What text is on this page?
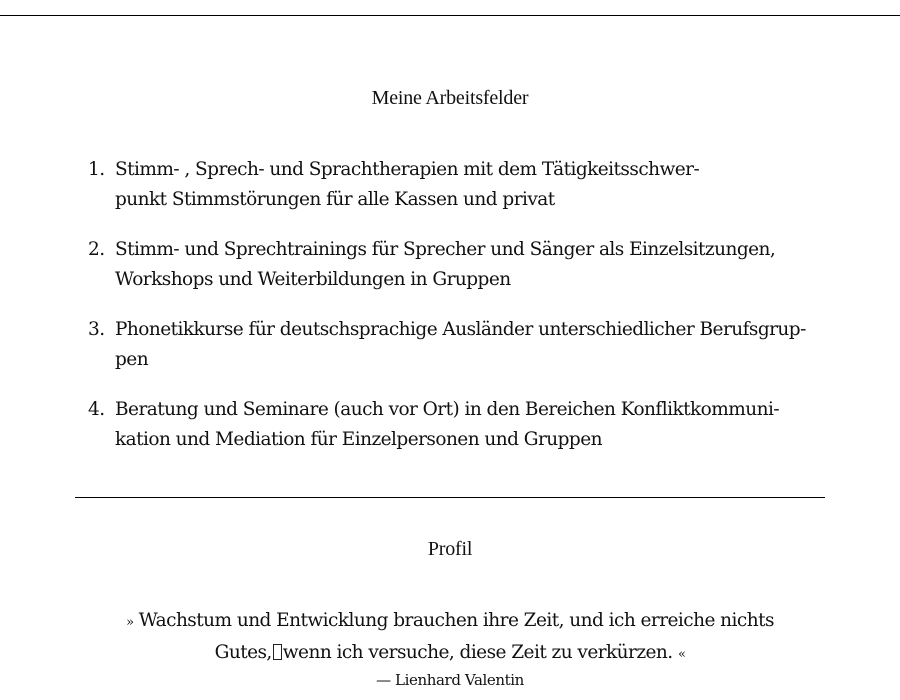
Meine Arbeitsfelder
1. Stimm- , Sprech- und Sprachtherapien mit dem Tätigkeitsschwer-
punkt Stimmstörungen für alle Kassen und privat
2. Stimm- und Sprechtrainings für Sprecher und Sänger als Einzelsitzungen,
Workshops und Weiterbildungen in Gruppen
3. Phonetikkurse für deutschsprachige Ausländer unterschiedlicher Berufsgrup-
pen
4. Beratung und Seminare (auch vor Ort) in den Bereichen Konfliktkommuni-
kation und Mediation für Einzelpersonen und Gruppen
Profil
» Wachstum und Entwicklung brauchen ihre Zeit, und ich erreiche nichts
Gutes, wenn ich versuche, diese Zeit zu verkürzen. «
— Lienhard Valentin
